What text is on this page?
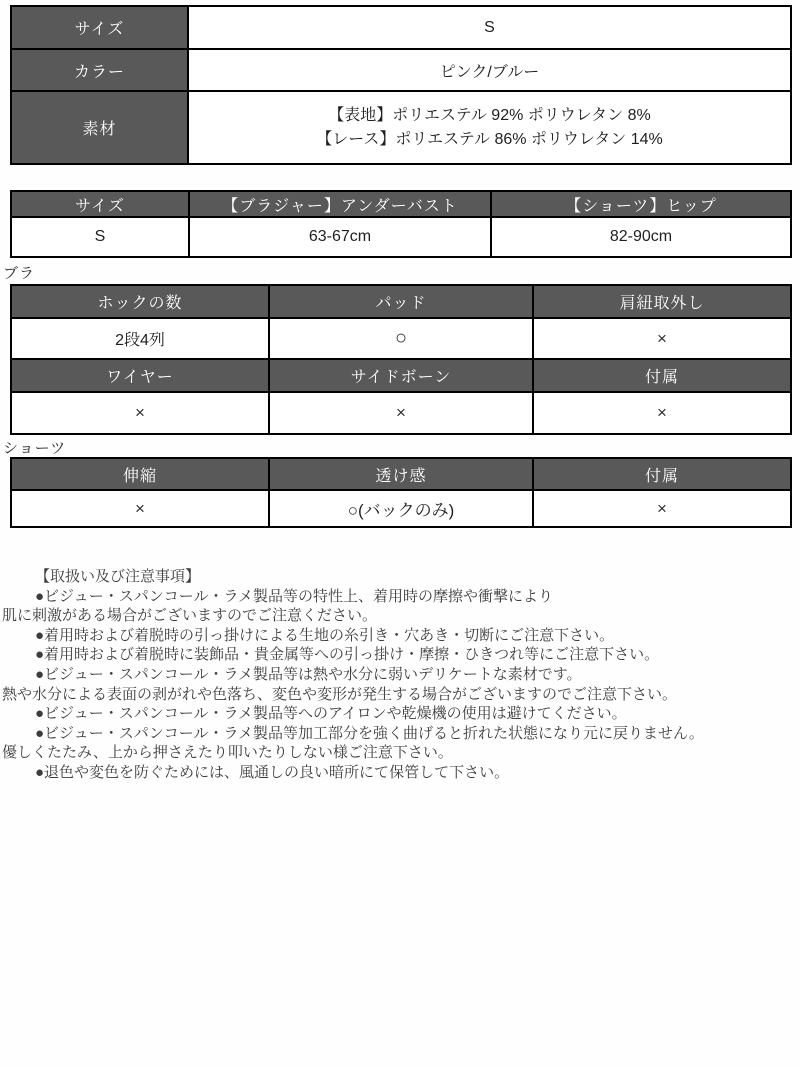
サイズ	S
カラー	ピンク/ブルー
素材	【表地】ポリエステル 92% ポリウレタン 8%
【レース】ポリエステル 86% ポリウレタン 14%
サイズ	【ブラジャー】アンダーバスト	【ショーツ】ヒップ
S	63-67cm	82-90cm
ブラ
ホックの数	パッド	肩紐取外し
2段4列	○	×
ワイヤー	サイドボーン	付属
×	×	×
ショーツ
伸縮	透け感	付属
×	○(バックのみ)	×
【取扱い及び注意事項】
●ビジュー・スパンコール・ラメ製品等の特性上、着用時の摩擦や衝撃により
肌に刺激がある場合がございますのでご注意ください。
●着用時および着脱時の引っ掛けによる生地の糸引き・穴あき・切断にご注意下さい。
●着用時および着脱時に装飾品・貴金属等への引っ掛け・摩擦・ひきつれ等にご注意下さい。
●ビジュー・スパンコール・ラメ製品等は熱や水分に弱いデリケートな素材です。
熱や水分による表面の剥がれや色落ち、変色や変形が発生する場合がございますのでご注意下さい。
●ビジュー・スパンコール・ラメ製品等へのアイロンや乾燥機の使用は避けてください。
●ビジュー・スパンコール・ラメ製品等加工部分を強く曲げると折れた状態になり元に戻りません。
優しくたたみ、上から押さえたり叩いたりしない様ご注意下さい。
●退色や変色を防ぐためには、風通しの良い暗所にて保管して下さい。
